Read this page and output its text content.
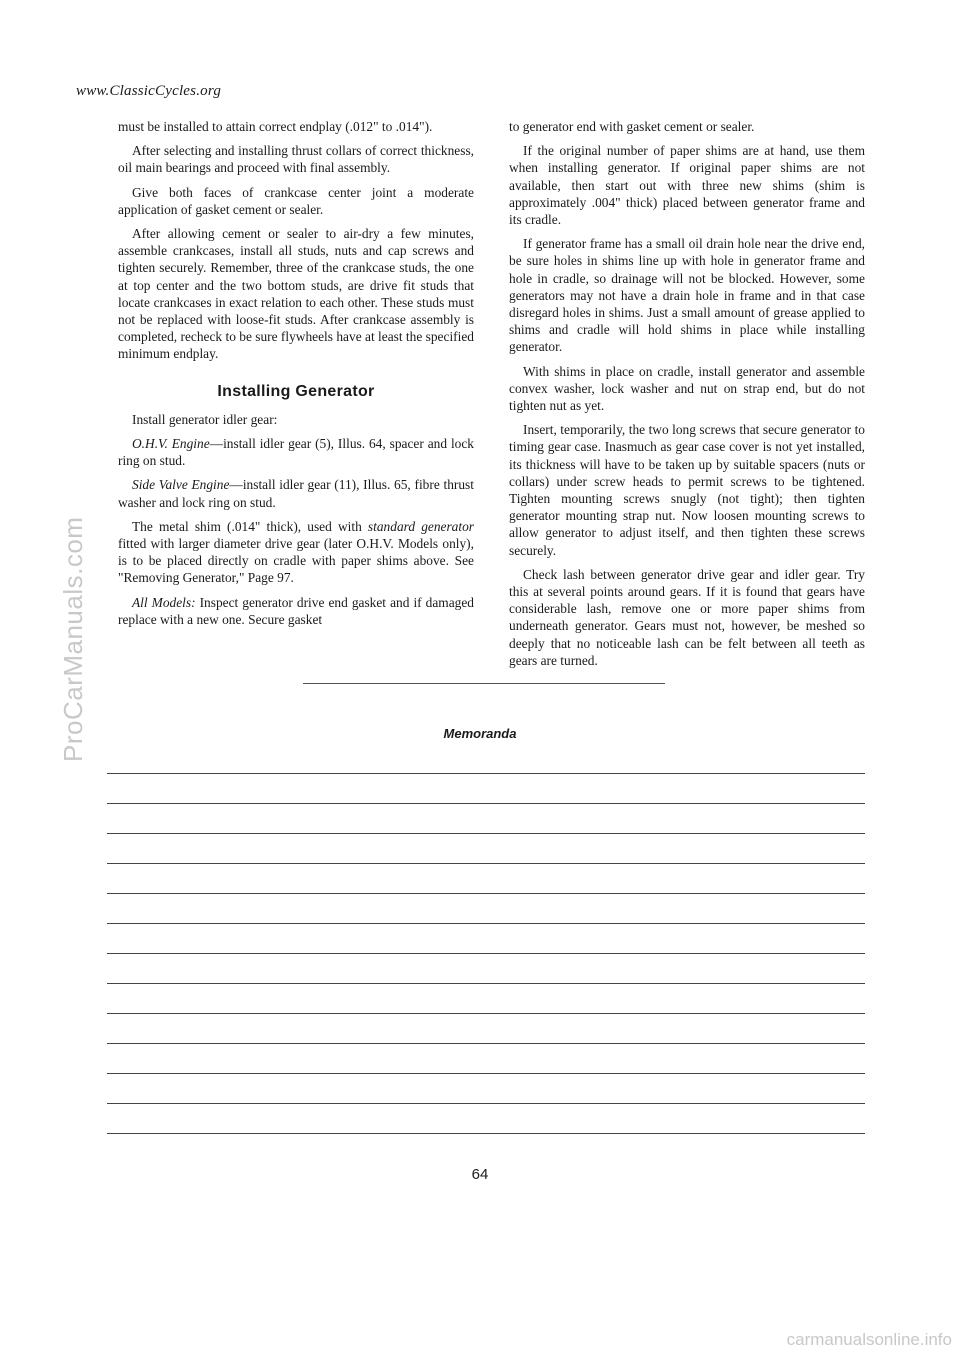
www.ClassicCycles.org
ProCarManuals.com

must be installed to attain correct endplay (.012" to .014").

After selecting and installing thrust collars of correct thickness, oil main bearings and proceed with final assembly.

Give both faces of crankcase center joint a moderate application of gasket cement or sealer.

After allowing cement or sealer to air-dry a few minutes, assemble crankcases, install all studs, nuts and cap screws and tighten securely. Remember, three of the crankcase studs, the one at top center and the two bottom studs, are drive fit studs that locate crankcases in exact relation to each other. These studs must not be replaced with loose-fit studs. After crankcase assembly is completed, recheck to be sure flywheels have at least the specified minimum endplay.

Installing Generator

Install generator idler gear:

O.H.V. Engine—install idler gear (5), Illus. 64, spacer and lock ring on stud.

Side Valve Engine—install idler gear (11), Illus. 65, fibre thrust washer and lock ring on stud.

The metal shim (.014" thick), used with standard generator fitted with larger diameter drive gear (later O.H.V. Models only), is to be placed directly on cradle with paper shims above. See "Removing Generator," Page 97.

All Models: Inspect generator drive end gasket and if damaged replace with a new one. Secure gasket

to generator end with gasket cement or sealer.

If the original number of paper shims are at hand, use them when installing generator. If original paper shims are not available, then start out with three new shims (shim is approximately .004" thick) placed between generator frame and its cradle.

If generator frame has a small oil drain hole near the drive end, be sure holes in shims line up with hole in generator frame and hole in cradle, so drainage will not be blocked. However, some generators may not have a drain hole in frame and in that case disregard holes in shims. Just a small amount of grease applied to shims and cradle will hold shims in place while installing generator.

With shims in place on cradle, install generator and assemble convex washer, lock washer and nut on strap end, but do not tighten nut as yet.

Insert, temporarily, the two long screws that secure generator to timing gear case. Inasmuch as gear case cover is not yet installed, its thickness will have to be taken up by suitable spacers (nuts or collars) under screw heads to permit screws to be tightened. Tighten mounting screws snugly (not tight); then tighten generator mounting strap nut. Now loosen mounting screws to allow generator to adjust itself, and then tighten these screws securely.

Check lash between generator drive gear and idler gear. Try this at several points around gears. If it is found that gears have considerable lash, remove one or more paper shims from underneath generator. Gears must not, however, be meshed so deeply that no noticeable lash can be felt between all teeth as gears are turned.

Memoranda
64
carmanualsonline.info
